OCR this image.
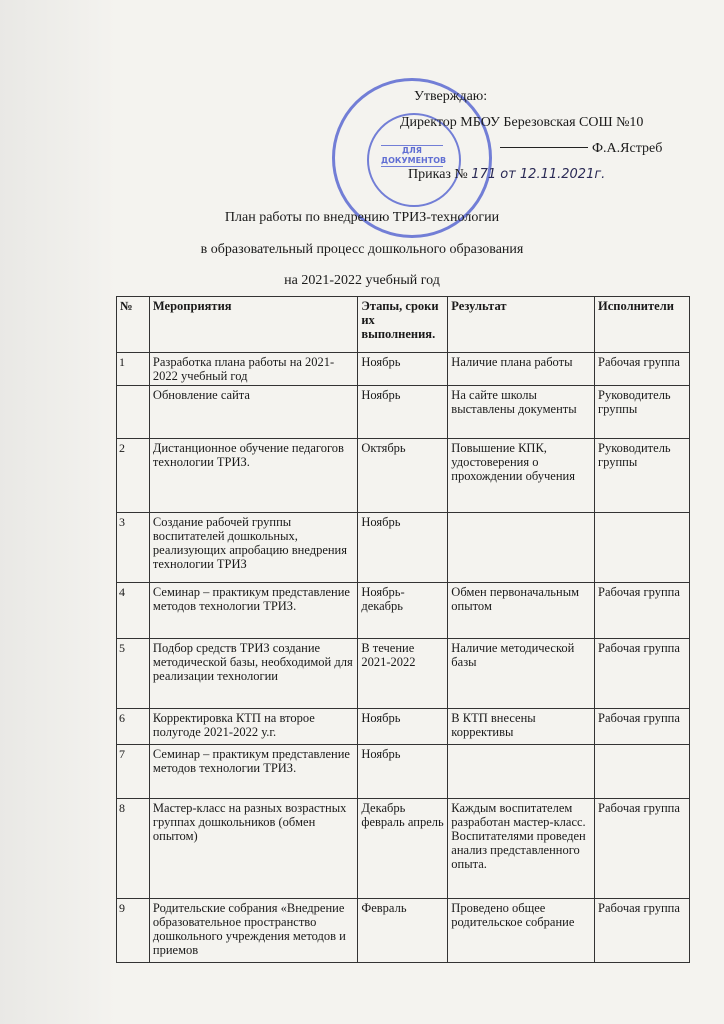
ДЛЯ ДОКУМЕНТОВ
Утверждаю:
Директор МБОУ Березовская СОШ №10
Ф.А.Ястреб
Приказ № 171 от 12.11.2021г.
План работы по внедрению ТРИЗ-технологии
в образовательный процесс дошкольного образования
на 2021-2022 учебный год
№	Мероприятия	Этапы, сроки их выполнения.	Результат	Исполнители
1	Разработка плана работы на 2021-2022 учебный год	Ноябрь	Наличие плана работы	Рабочая группа
	Обновление сайта	Ноябрь	На сайте школы выставлены документы	Руководитель группы
2	Дистанционное обучение педагогов технологии ТРИЗ.	Октябрь	Повышение КПК, удостоверения о прохождении обучения	Руководитель группы
3	Создание рабочей группы воспитателей дошкольных, реализующих апробацию внедрения технологии ТРИЗ	Ноябрь		
4	Семинар – практикум представление методов технологии ТРИЗ.	Ноябрь-декабрь	Обмен первоначальным опытом	Рабочая группа
5	Подбор средств ТРИЗ создание методической базы, необходимой для реализации технологии	В течение 2021-2022	Наличие методической базы	Рабочая группа
6	Корректировка КТП на второе полугоде 2021-2022 у.г.	Ноябрь	В КТП внесены коррективы	Рабочая группа
7	Семинар – практикум представление методов технологии ТРИЗ.	Ноябрь		
8	Мастер-класс на разных возрастных группах дошкольников (обмен опытом)	Декабрь февраль апрель	Каждым воспитателем разработан мастер-класс. Воспитателями проведен анализ представленного опыта.	Рабочая группа
9	Родительские собрания «Внедрение образовательное пространство дошкольного учреждения методов и приемов	Февраль	Проведено общее родительское собрание	Рабочая группа
